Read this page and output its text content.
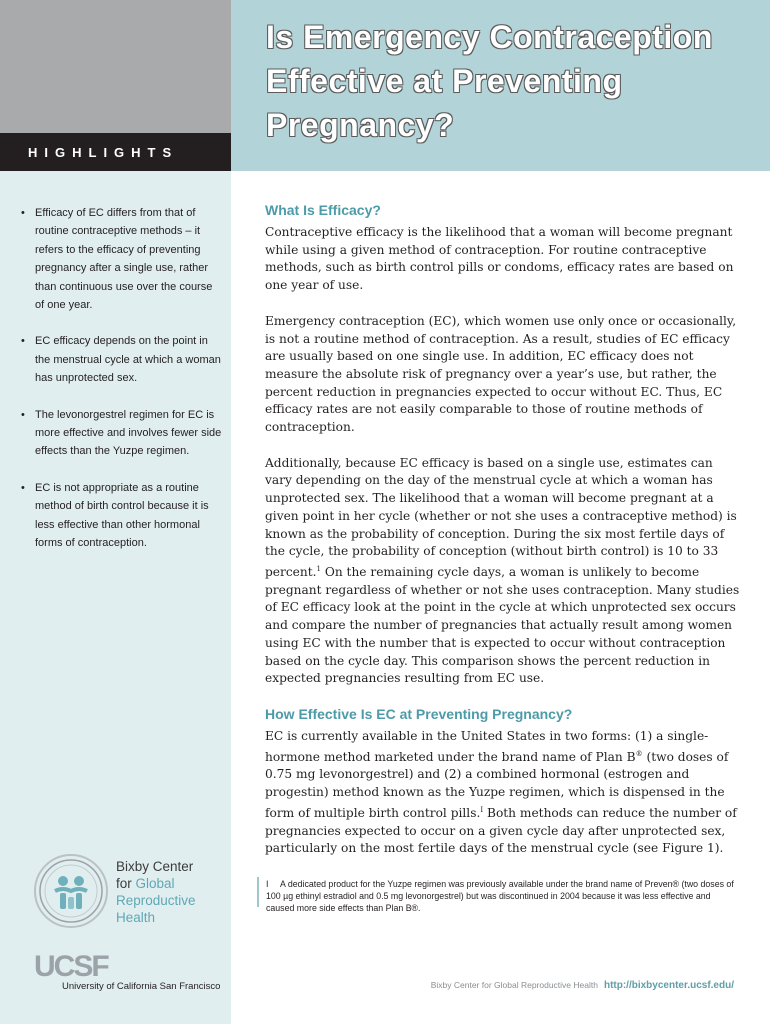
HIGHLIGHTS
• Efficacy of EC differs from that of routine contraceptive methods – it refers to the efficacy of preventing pregnancy after a single use, rather than continuous use over the course of one year.
• EC efficacy depends on the point in the menstrual cycle at which a woman has unprotected sex.
• The levonorgestrel regimen for EC is more effective and involves fewer side effects than the Yuzpe regimen.
• EC is not appropriate as a routine method of birth control because it is less effective than other hormonal forms of contraception.
Bixby Center
for Global
Reproductive
Health
UCSF
University of California San Francisco
Is Emergency Contraception Effective at Preventing Pregnancy?
What Is Efficacy?

Contraceptive efficacy is the likelihood that a woman will become pregnant while using a given method of contraception. For routine contraceptive methods, such as birth control pills or condoms, efficacy rates are based on one year of use.

Emergency contraception (EC), which women use only once or occasionally, is not a routine method of contraception. As a result, studies of EC efficacy are usually based on one single use. In addition, EC efficacy does not measure the absolute risk of pregnancy over a year’s use, but rather, the percent reduction in pregnancies expected to occur without EC. Thus, EC efficacy rates are not easily comparable to those of routine methods of contraception.

Additionally, because EC efficacy is based on a single use, estimates can vary depending on the day of the menstrual cycle at which a woman has unprotected sex. The likelihood that a woman will become pregnant at a given point in her cycle (whether or not she uses a contraceptive method) is known as the probability of conception. During the six most fertile days of the cycle, the probability of conception (without birth control) is 10 to 33 percent.$^1$ On the remaining cycle days, a woman is unlikely to become pregnant regardless of whether or not she uses contraception. Many studies of EC efficacy look at the point in the cycle at which unprotected sex occurs and compare the number of pregnancies that actually result among women using EC with the number that is expected to occur without contraception based on the cycle day. This comparison shows the percent reduction in expected pregnancies resulting from EC use.

How Effective Is EC at Preventing Pregnancy?

EC is currently available in the United States in two forms: (1) a single-hormone method marketed under the brand name of Plan B® (two doses of 0.75 mg levonorgestrel) and (2) a combined hormonal (estrogen and progestin) method known as the Yuzpe regimen, which is dispensed in the form of multiple birth control pills.$^I$ Both methods can reduce the number of pregnancies expected to occur on a given cycle day after unprotected sex, particularly on the most fertile days of the menstrual cycle (see Figure 1).

I A dedicated product for the Yuzpe regimen was previously available under the brand name of Preven® (two doses of 100 µg ethinyl estradiol and 0.5 mg levonorgestrel) but was discontinued in 2004 because it was less effective and caused more side effects than Plan B®.

Bixby Center for Global Reproductive Health http://bixbycenter.ucsf.edu/
